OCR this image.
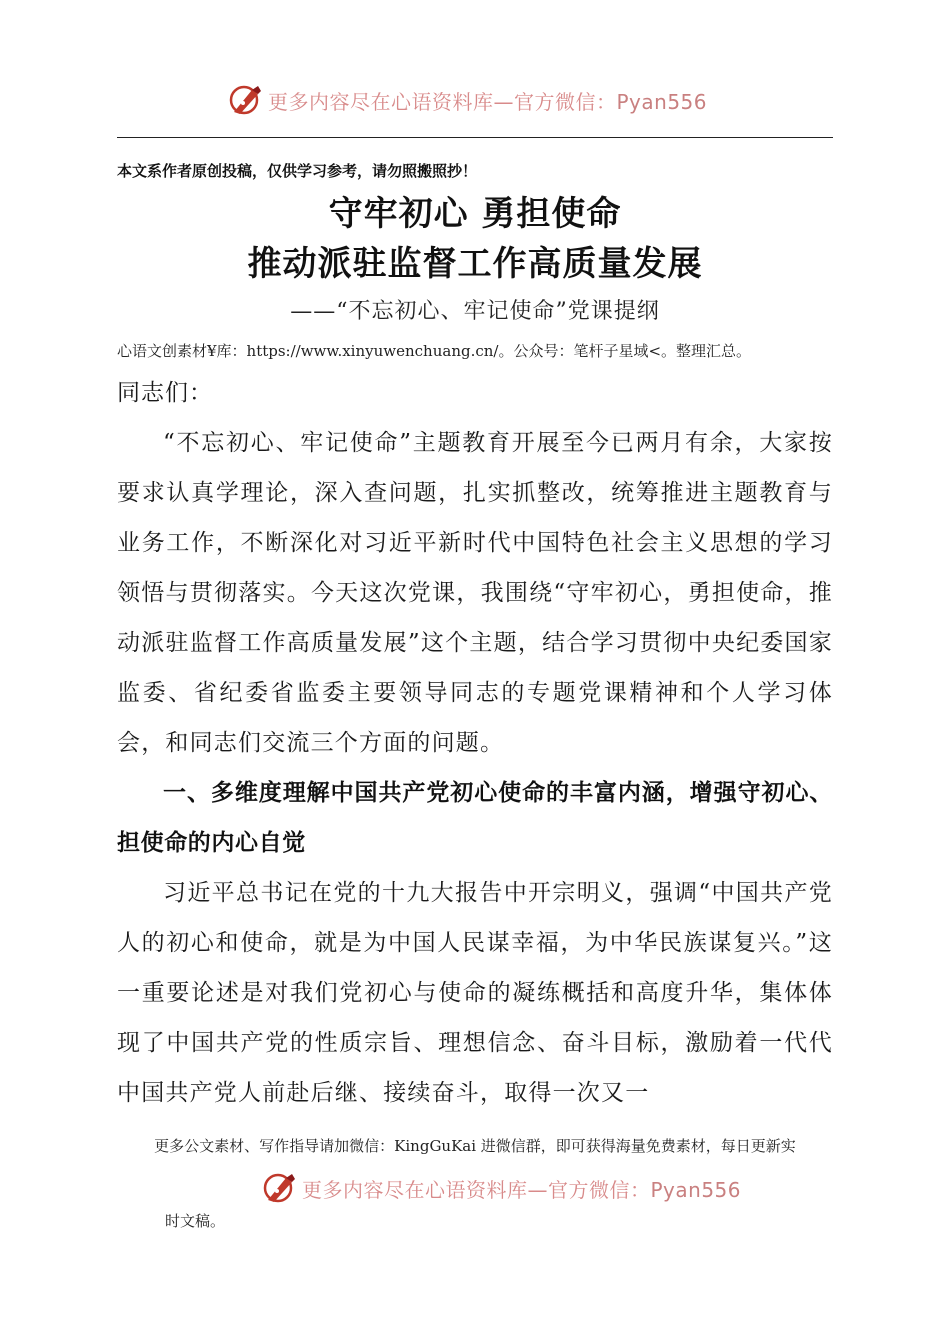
更多内容尽在心语资料库—官方微信：Pyan556
本文系作者原创投稿，仅供学习参考，请勿照搬照抄！
守牢初心 勇担使命
推动派驻监督工作高质量发展
——“不忘初心、牢记使命”党课提纲
心语文创素材¥库：https://www.xinyuwenchuang.cn/。公众号：笔杆子星域<。整理汇总。

同志们：

“不忘初心、牢记使命”主题教育开展至今已两月有余，大家按要求认真学理论，深入查问题，扎实抓整改，统筹推进主题教育与业务工作，不断深化对习近平新时代中国特色社会主义思想的学习领悟与贯彻落实。今天这次党课，我围绕“守牢初心，勇担使命，推动派驻监督工作高质量发展”这个主题，结合学习贯彻中央纪委国家监委、省纪委省监委主要领导同志的专题党课精神和个人学习体会，和同志们交流三个方面的问题。

一、多维度理解中国共产党初心使命的丰富内涵，增强守初心、担使命的内心自觉

习近平总书记在党的十九大报告中开宗明义，强调“中国共产党人的初心和使命，就是为中国人民谋幸福，为中华民族谋复兴。”这一重要论述是对我们党初心与使命的凝练概括和高度升华，集体体现了中国共产党的性质宗旨、理想信念、奋斗目标，激励着一代代中国共产党人前赴后继、接续奋斗，取得一次又一

更多公文素材、写作指导请加微信：KingGuKai 进微信群，即可获得海量免费素材，每日更新实
更多内容尽在心语资料库—官方微信：Pyan556
时文稿。
